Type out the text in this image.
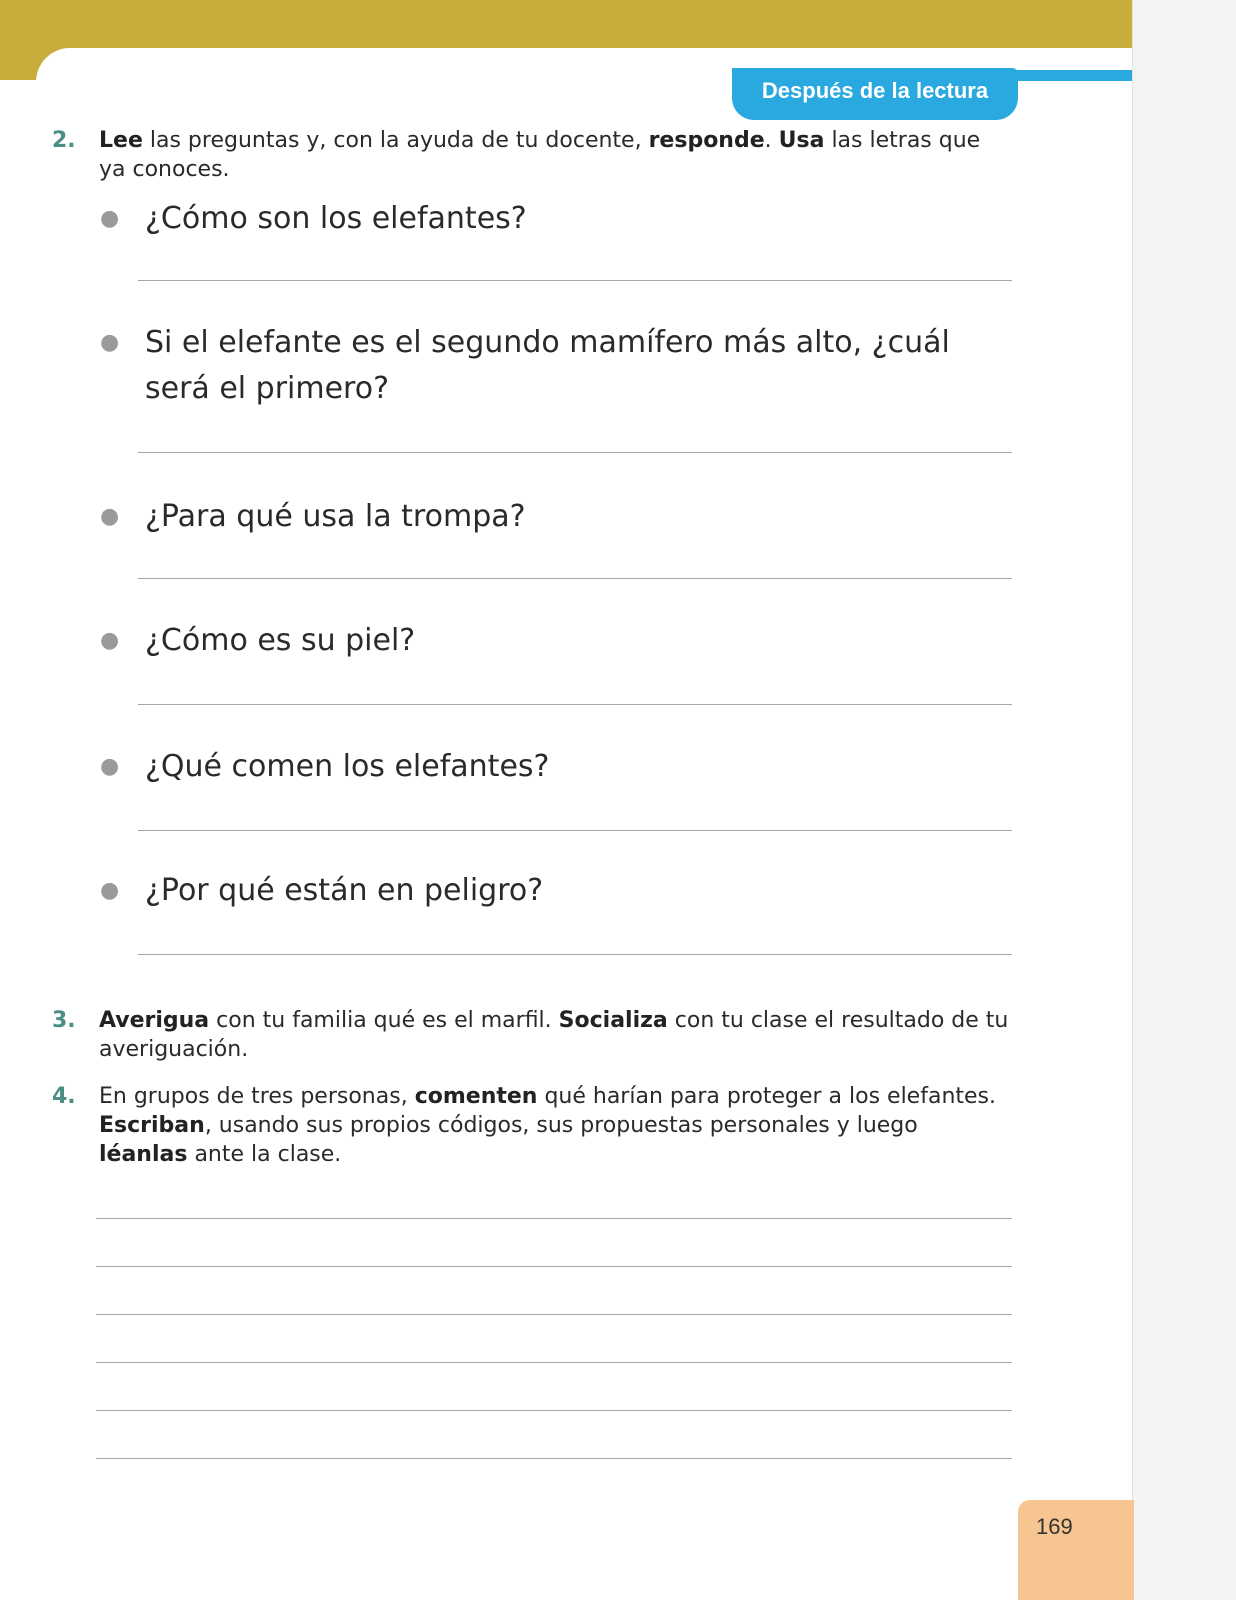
Después de la lectura
2. Lee las preguntas y, con la ayuda de tu docente, responde. Usa las letras que ya conoces.
● ¿Cómo son los elefantes?
● Si el elefante es el segundo mamífero más alto, ¿cuál será el primero?
● ¿Para qué usa la trompa?
● ¿Cómo es su piel?
● ¿Qué comen los elefantes?
● ¿Por qué están en peligro?
3. Averigua con tu familia qué es el marfil. Socializa con tu clase el resultado de tu averiguación.
4. En grupos de tres personas, comenten qué harían para proteger a los elefantes. Escriban, usando sus propios códigos, sus propuestas personales y luego léanlas ante la clase.
169
